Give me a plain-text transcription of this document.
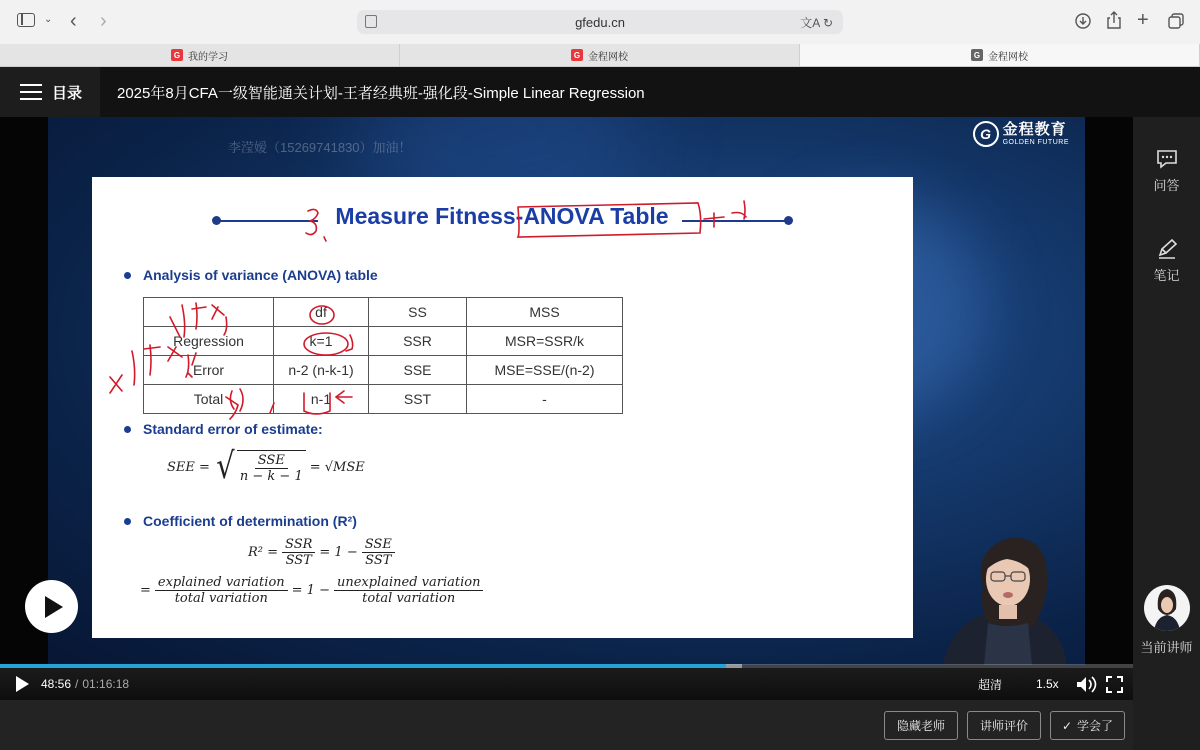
⌄ ‹ ›	gfedu.cn	文A ↻	+
G 我的学习	G 金程网校	G 金程网校
目录 2025年8月CFA一级智能通关计划-王者经典班-强化段-Simple Linear Regression
李滢嫒（15269741830）加油！
G 金程教育
GOLDEN FUTURE
Measure Fitness-ANOVA Table
Analysis of variance (ANOVA) table
	df	SS	MSS
Regression	k=1	SSR	MSR=SSR/k
Error	n-2 (n-k-1)	SSE	MSE=SSE/(n-2)
Total	n-1	SST	-
Standard error of estimate:
SEE = √ $\frac{\text{SSE}}{n - k - 1} = √MSE$
Coefficient of determination (R²)
$R^2 = \frac{\text{SSR}}{\text{SST}} = 1 - \frac{\text{SSE}}{\text{SST}}$
= $\frac{\text{explained variation}}{\text{total variation}} = 1 - \frac{\text{unexplained variation}}{\text{total variation}}$
48:56 / 01:16:18	超清	1.5x
问答
笔记
当前讲师
隐藏老师	讲师评价	✓ 学会了
